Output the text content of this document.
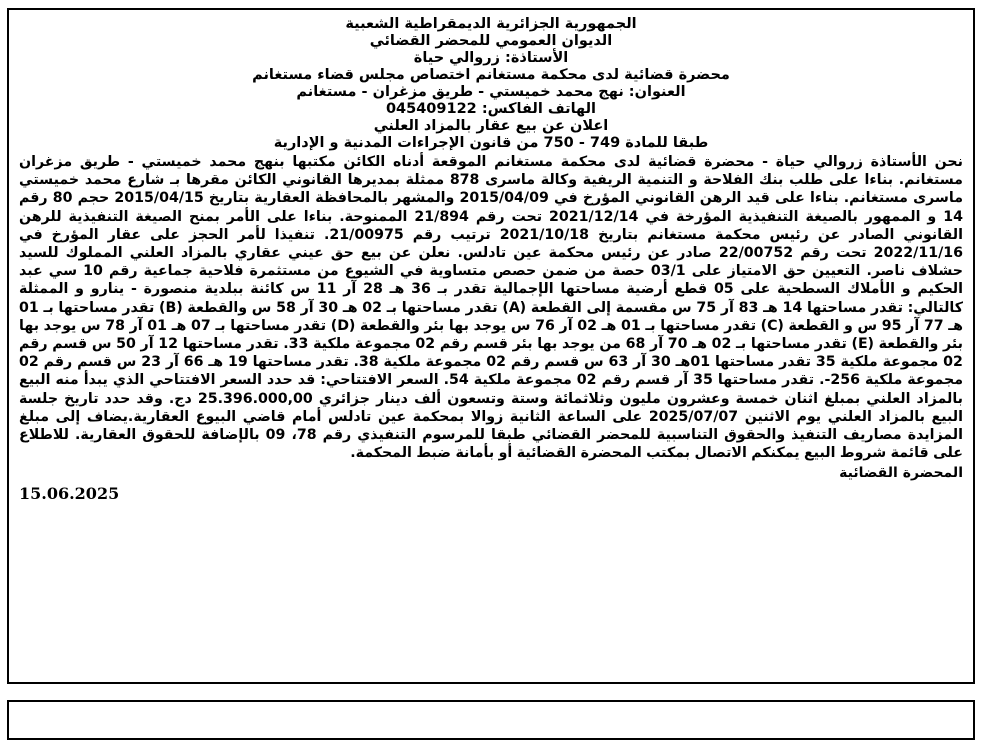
الجمهورية الجزائرية الديمقراطية الشعبية
الديوان العمومي للمحضر القضائي
الأستاذة: زروالي حياة
محضرة قضائية لدى محكمة مستغانم اختصاص مجلس قضاء مستغانم
العنوان: نهج محمد خميستي - طريق مزغران - مستغانم
الهاتف الفاكس: 045409122
اعلان عن بيع عقار بالمزاد العلني
طبقا للمادة 749 - 750 من قانون الإجراءات المدنية و الإدارية
نحن الأستاذة زروالي حياة - محضرة قضائية لدى محكمة مستغانم الموقعة أدناه الكائن مكتبها بنهج محمد خميستي - طريق مزغران مستغانم. بناءا على طلب بنك الفلاحة و التنمية الريفية وكالة ماسرى 878 ممثلة بمديرها القانوني الكائن مقرها بـ شارع محمد خميستي ماسرى مستغانم. بناءا على قيد الرهن القانوني المؤرخ في 2015/04/09 والمشهر بالمحافظة العقارية بتاريخ 2015/04/15 حجم 80 رقم 14 و الممهور بالصيغة التنفيذية المؤرخة في 2021/12/14 تحت رقم 21/894 الممنوحة. بناءا على الأمر بمنح الصيغة التنفيذية للرهن القانوني الصادر عن رئيس محكمة مستغانم بتاريخ 2021/10/18 ترتيب رقم 21/00975. تنفيذا لأمر الحجز على عقار المؤرخ في 2022/11/16 تحت رقم 22/00752 صادر عن رئيس محكمة عين تادلس. نعلن عن بيع حق عيني عقاري بالمزاد العلني المملوك للسيد حشلاف ناصر. التعيين حق الامتياز على 03/1 حصة من ضمن حصص متساوية في الشيوع من مستثمرة فلاحية جماعية رقم 10 سي عبد الحكيم و الأملاك السطحية على 05 قطع أرضية مساحتها الإجمالية تقدر بـ 36 هـ 28 آر 11 س كائنة ببلدية منصورة - ينارو و الممثلة كالتالي: تقدر مساحتها 14 هـ 83 آر 75 س مقسمة إلى القطعة (A) تقدر مساحتها بـ 02 هـ 30 آر 58 س والقطعة (B) تقدر مساحتها بـ 01 هـ 77 آر 95 س و القطعة (C) تقدر مساحتها بـ 01 هـ 02 آر 76 س يوجد بها بئر والقطعة (D) تقدر مساحتها بـ 07 هـ 01 آر 78 س يوجد بها بئر والقطعة (E) تقدر مساحتها بـ 02 هـ 70 آر 68 من يوجد بها بئر قسم رقم 02 مجموعة ملكية 33. تقدر مساحتها 12 آر 50 س قسم رقم 02 مجموعة ملكية 35 تقدر مساحتها 01هـ 30 آر 63 س قسم رقم 02 مجموعة ملكية 38. تقدر مساحتها 19 هـ 66 آر 23 س قسم رقم 02 مجموعة ملكية 256-. تقدر مساحتها 35 آر قسم رقم 02 مجموعة ملكية 54. السعر الافتتاحي: قد حدد السعر الافتتاحي الذي يبدأ منه البيع بالمزاد العلني بمبلغ اثنان خمسة وعشرون مليون وثلاثمائة وستة وتسعون ألف دينار جزائري 25.396.000,00 دج. وقد حدد تاريخ جلسة البيع بالمزاد العلني يوم الاثنين 2025/07/07 على الساعة الثانية زوالا بمحكمة عين تادلس أمام قاضي البيوع العقارية.يضاف إلى مبلغ المزايدة مصاريف التنفيذ والحقوق التناسبية للمحضر القضائي طبقا للمرسوم التنفيذي رقم 78، 09 بالإضافة للحقوق العقارية. للاطلاع على قائمة شروط البيع يمكنكم الاتصال بمكتب المحضرة القضائية أو بأمانة ضبط المحكمة.
المحضرة القضائية
15.06.2025
